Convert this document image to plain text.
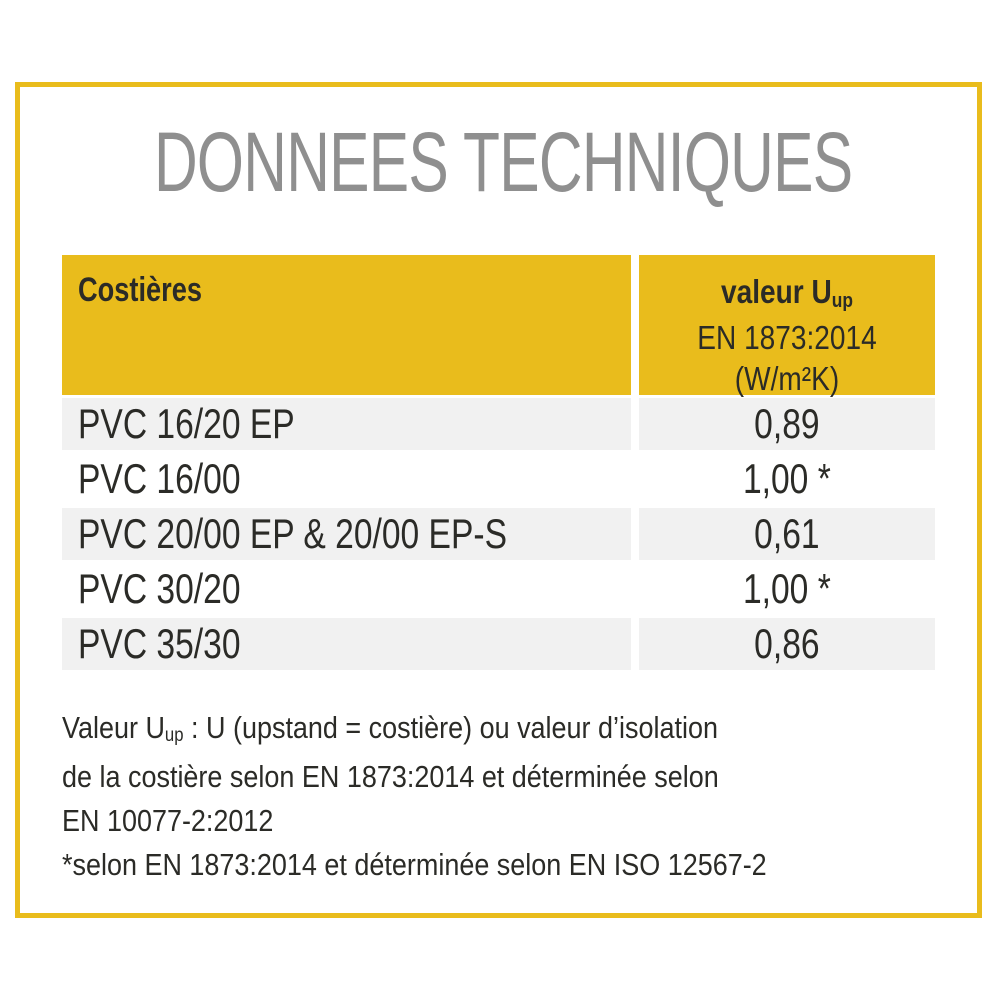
DONNEES TECHNIQUES
Costières	valeur $U_{up}$
EN 1873:2014
(W/m²K)
PVC 16/20 EP	0,89
PVC 16/00	1,00 *
PVC 20/00 EP & 20/00 EP-S	0,61
PVC 30/20	1,00 *
PVC 35/30	0,86
Valeur $U_{up}$ : U (upstand = costière) ou valeur d’isolation
de la costière selon EN 1873:2014 et déterminée selon
EN 10077-2:2012
*selon EN 1873:2014 et déterminée selon EN ISO 12567-2
